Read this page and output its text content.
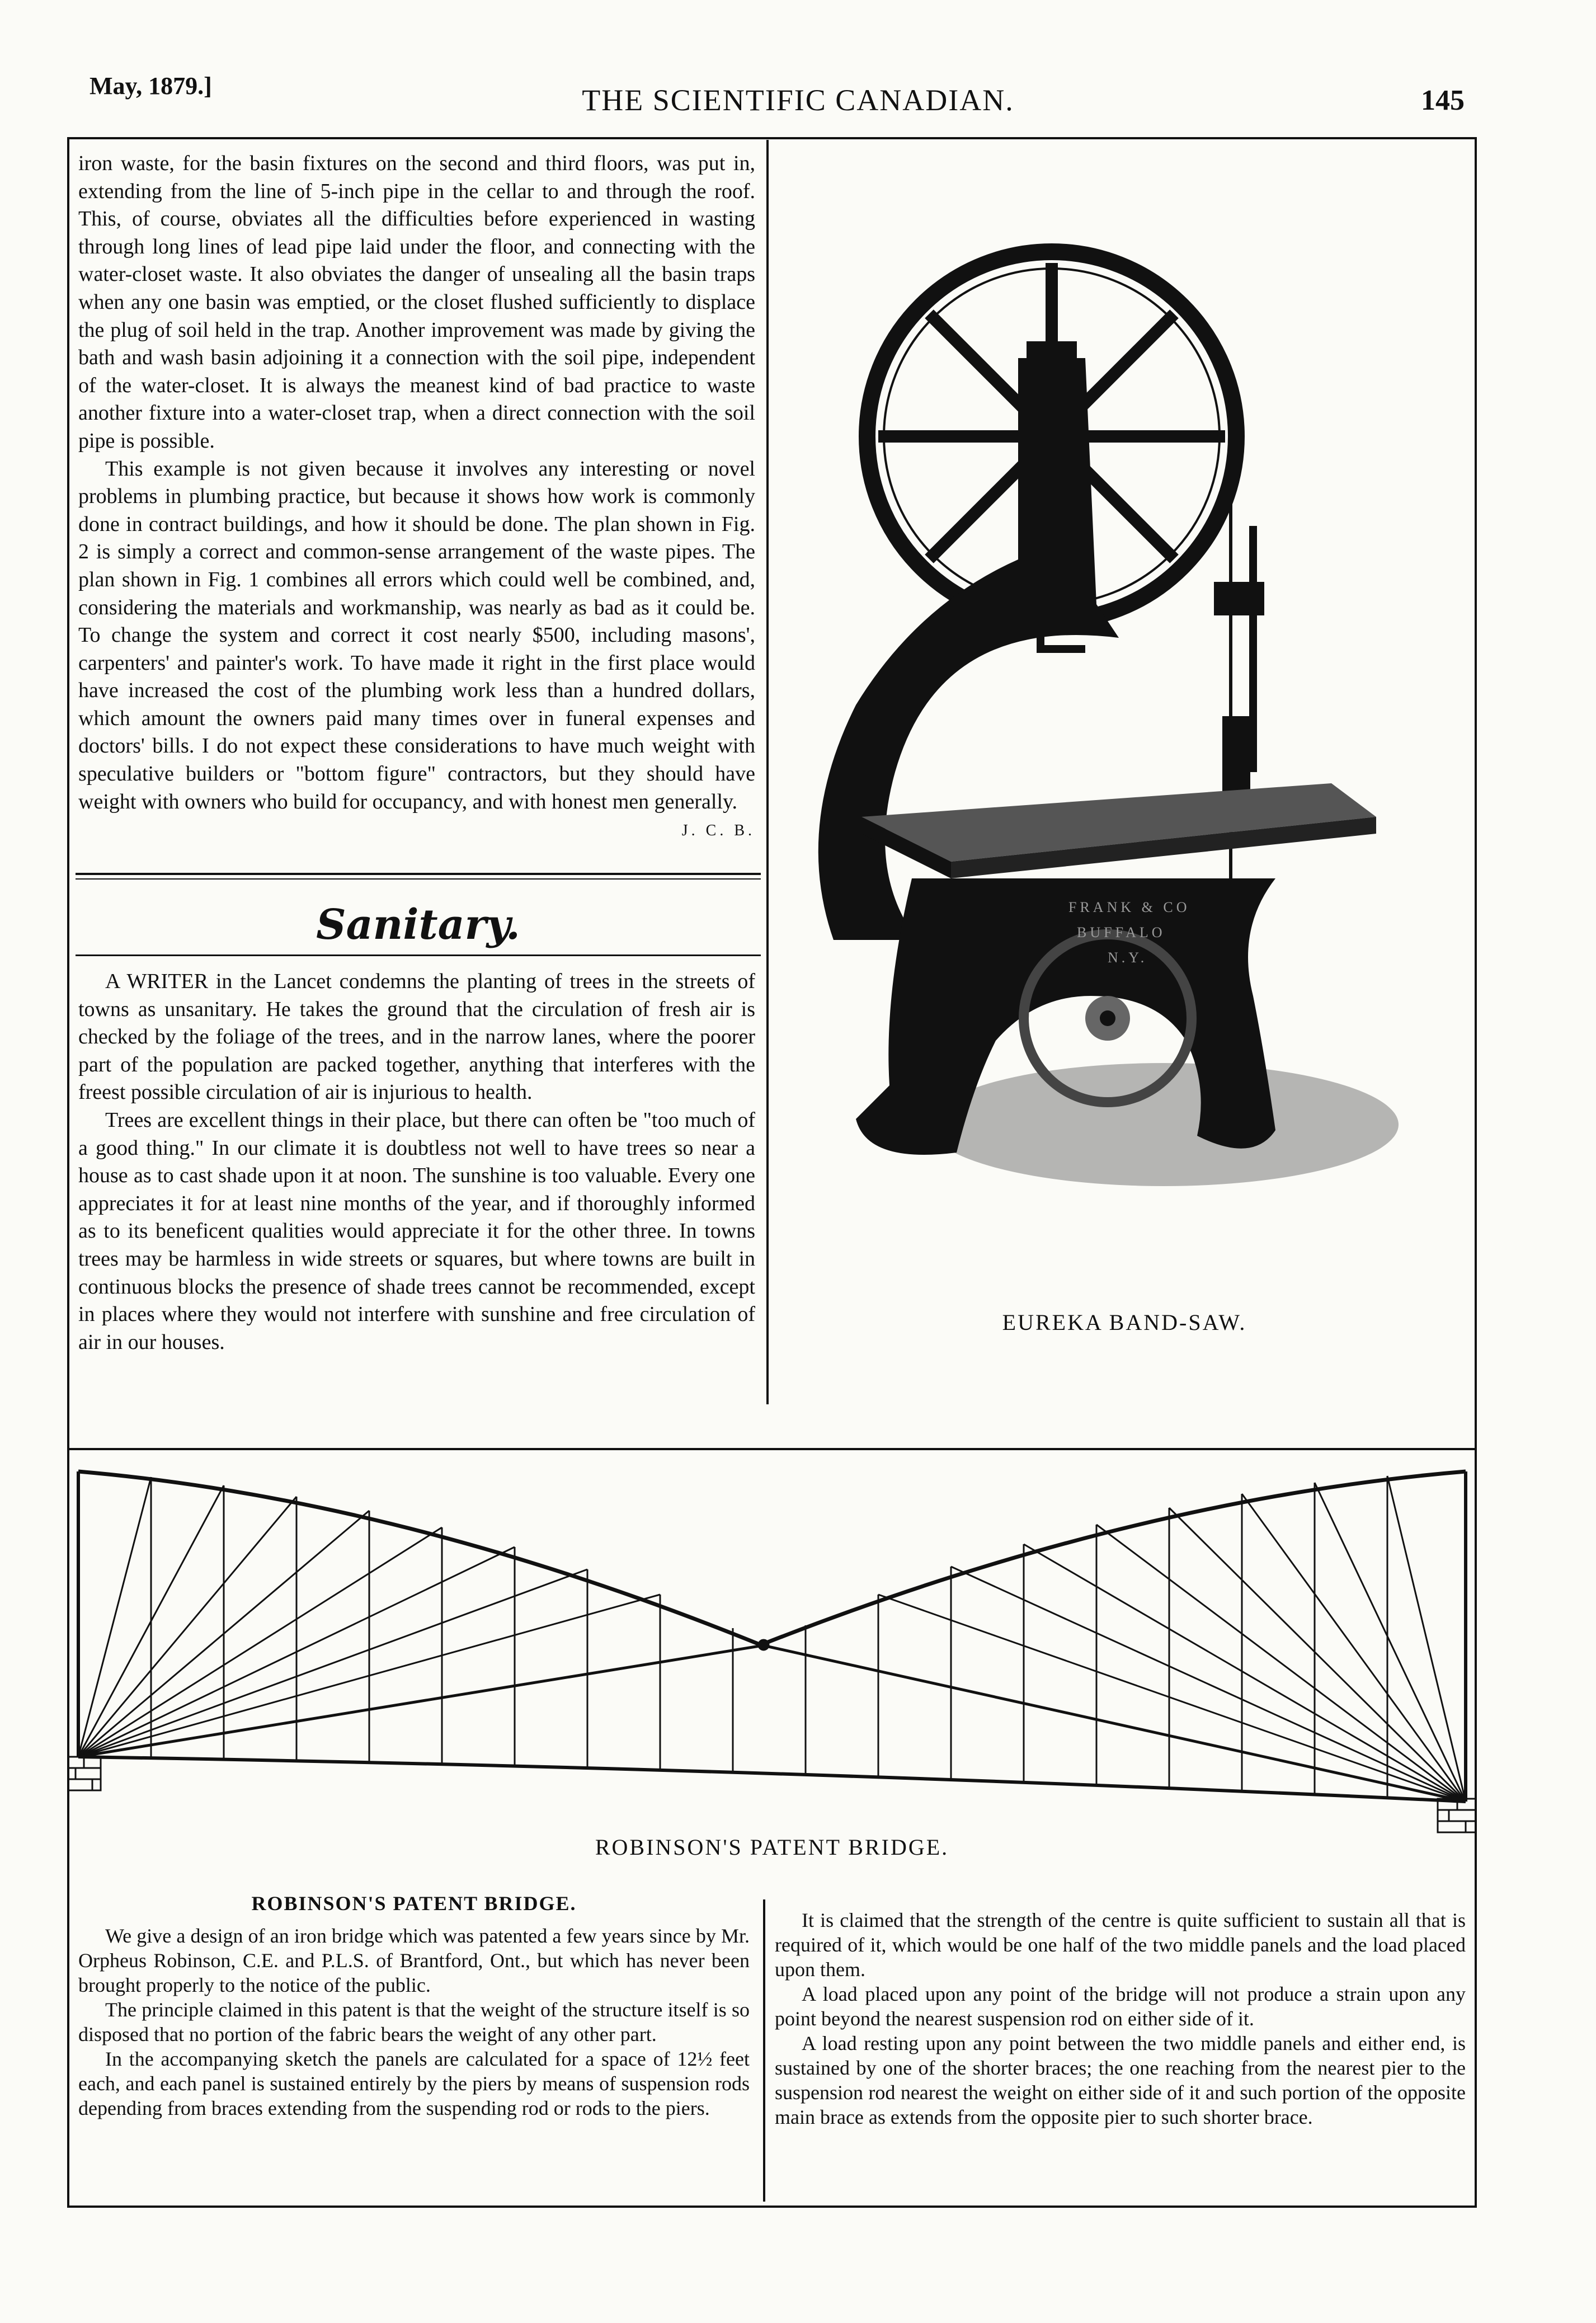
May, 1879.]	THE SCIENTIFIC CANADIAN.	145

iron waste, for the basin fixtures on the second and third floors, was put in, extending from the line of 5-inch pipe in the cellar to and through the roof. This, of course, obviates all the difficulties before experienced in wasting through long lines of lead pipe laid under the floor, and connecting with the water-closet waste. It also obviates the danger of unsealing all the basin traps when any one basin was emptied, or the closet flushed sufficiently to displace the plug of soil held in the trap. Another improvement was made by giving the bath and wash basin adjoining it a connection with the soil pipe, independent of the water-closet. It is always the meanest kind of bad practice to waste another fixture into a water-closet trap, when a direct connection with the soil pipe is possible.

This example is not given because it involves any interesting or novel problems in plumbing practice, but because it shows how work is commonly done in contract buildings, and how it should be done. The plan shown in Fig. 2 is simply a correct and common-sense arrangement of the waste pipes. The plan shown in Fig. 1 combines all errors which could well be combined, and, considering the materials and workmanship, was nearly as bad as it could be. To change the system and correct it cost nearly $500, including masons', carpenters' and painter's work. To have made it right in the first place would have increased the cost of the plumbing work less than a hundred dollars, which amount the owners paid many times over in funeral expenses and doctors' bills. I do not expect these considerations to have much weight with speculative builders or "bottom figure" contractors, but they should have weight with owners who build for occupancy, and with honest men generally.

J. C. B.
Sanitary.

A WRITER in the Lancet condemns the planting of trees in the streets of towns as unsanitary. He takes the ground that the circulation of fresh air is checked by the foliage of the trees, and in the narrow lanes, where the poorer part of the population are packed together, anything that interferes with the freest possible circulation of air is injurious to health.

Trees are excellent things in their place, but there can often be "too much of a good thing." In our climate it is doubtless not well to have trees so near a house as to cast shade upon it at noon. The sunshine is too valuable. Every one appreciates it for at least nine months of the year, and if thoroughly informed as to its beneficent qualities would appreciate it for the other three. In towns trees may be harmless in wide streets or squares, but where towns are built in continuous blocks the presence of shade trees cannot be recommended, except in places where they would not interfere with sunshine and free circulation of air in our houses.

FRANK & CO
BUFFALO
N.Y.
EUREKA BAND-SAW.
ROBINSON'S PATENT BRIDGE.
ROBINSON'S PATENT BRIDGE.

We give a design of an iron bridge which was patented a few years since by Mr. Orpheus Robinson, C.E. and P.L.S. of Brantford, Ont., but which has never been brought properly to the notice of the public.

The principle claimed in this patent is that the weight of the structure itself is so disposed that no portion of the fabric bears the weight of any other part.

In the accompanying sketch the panels are calculated for a space of 12½ feet each, and each panel is sustained entirely by the piers by means of suspension rods depending from braces extending from the suspending rod or rods to the piers.

It is claimed that the strength of the centre is quite sufficient to sustain all that is required of it, which would be one half of the two middle panels and the load placed upon them.

A load placed upon any point of the bridge will not produce a strain upon any point beyond the nearest suspension rod on either side of it.

A load resting upon any point between the two middle panels and either end, is sustained by one of the shorter braces; the one reaching from the nearest pier to the suspension rod nearest the weight on either side of it and such portion of the opposite main brace as extends from the opposite pier to such shorter brace.
